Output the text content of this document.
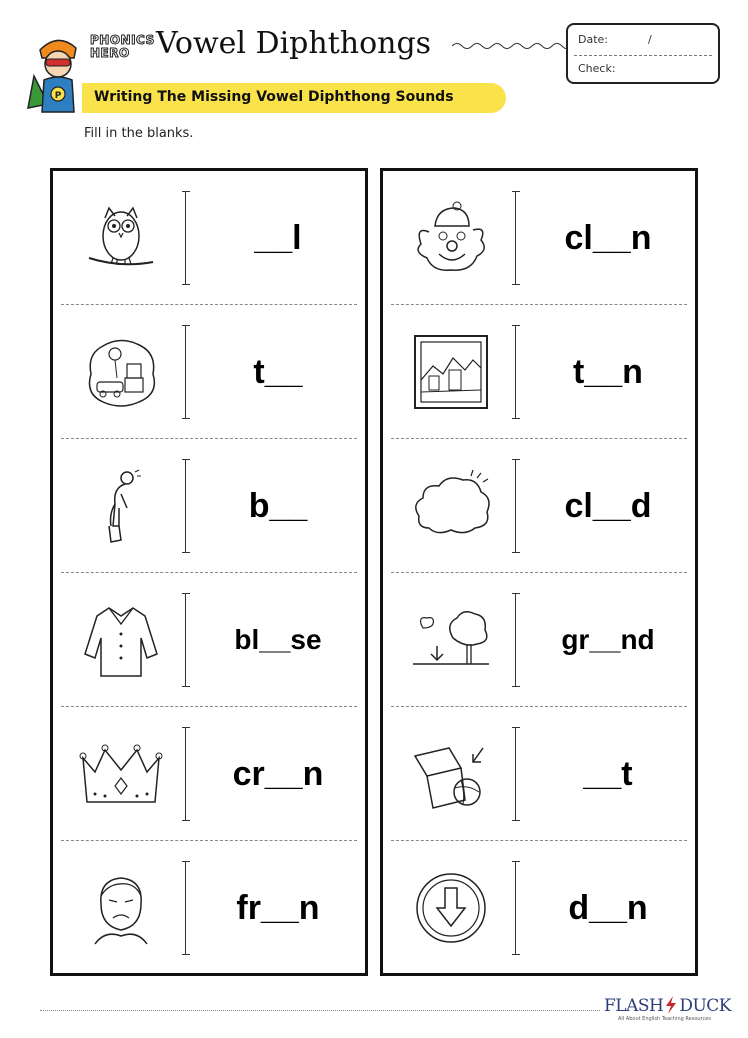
P
PHONICS
HERO Vowel Diphthongs	Date:	/
Check:
Writing The Missing Vowel Diphthong Sounds
Fill in the blanks.
__l
t__
b__
bl__se
cr__n
fr__n
cl__n
t__n
cl__d
gr__nd
__t
d__n
FLASH DUCK
All About English Teaching Resources
